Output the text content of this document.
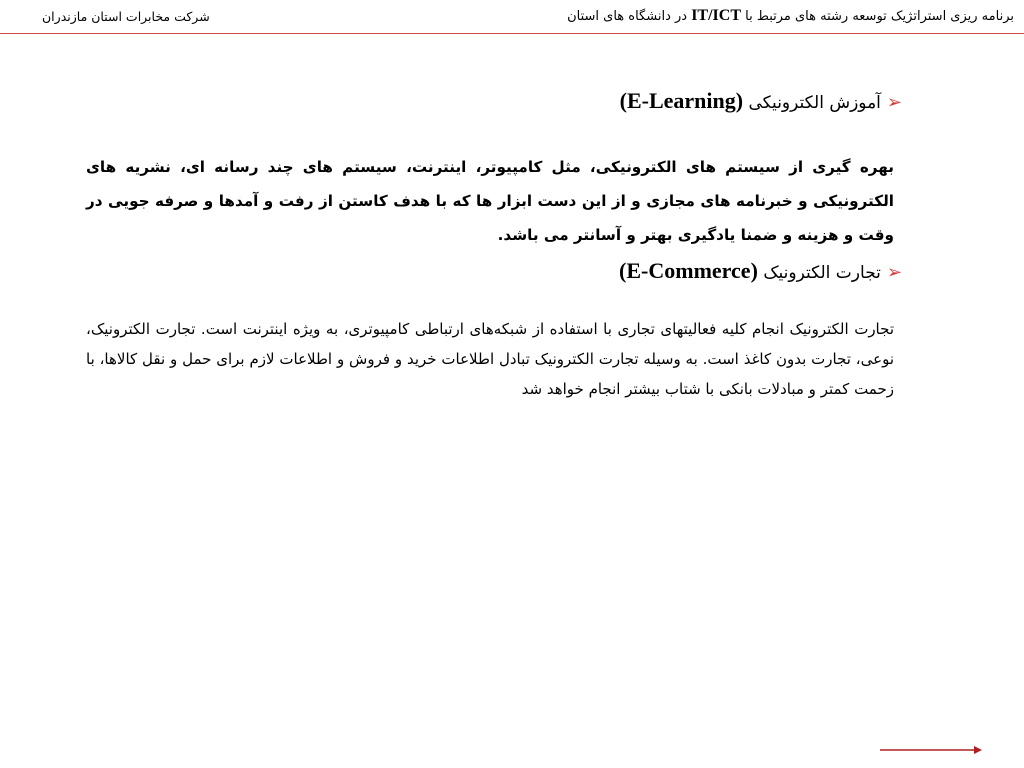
برنامه ریزی استراتژیک توسعه رشته های مرتبط با IT/ICT در دانشگاه های استان
شرکت مخابرات استان مازندران
➢آموزش الکترونیکی (E-Learning)
بهره گیری از سیستم های الکترونیکی، مثل کامپیوتر، اینترنت، سیستم های چند رسانه ای، نشریه های الکترونیکی و خبرنامه های مجازی و از این دست ابزار ها که با هدف کاستن از رفت و آمدها و صرفه جویی در وقت و هزینه و ضمنا یادگیری بهتر و آسانتر می باشد.
➢تجارت الکترونیک (E-Commerce)
تجارت الکترونیک انجام کلیه فعالیتهای تجاری با استفاده از شبکه‌های ارتباطی کامپیوتری، به ویژه اینترنت است. تجارت الکترونیک، نوعی، تجارت بدون کاغذ است. به وسیله تجارت الکترونیک تبادل اطلاعات خرید و فروش و اطلاعات لازم برای حمل و نقل کالاها، با زحمت کمتر و مبادلات بانکی با شتاب بیشتر انجام خواهد شد
